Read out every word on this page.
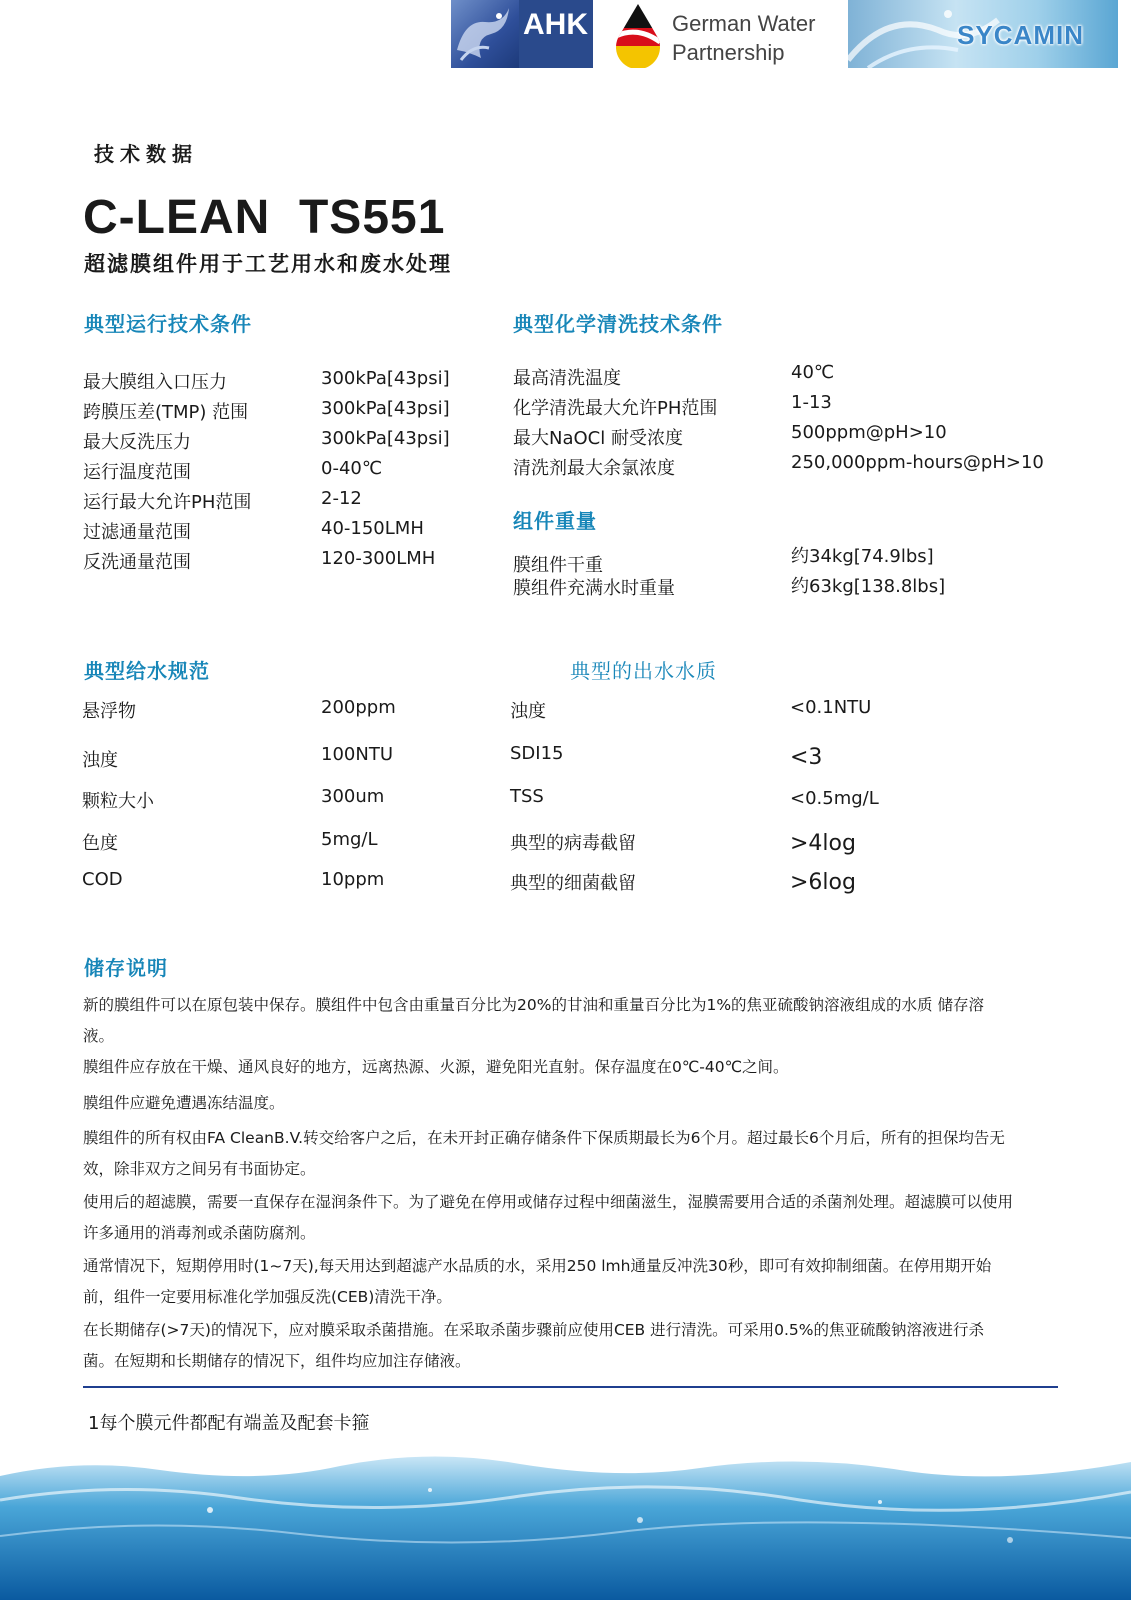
AHK	German Water
Partnership
SYCAMIN
技术数据
C-LEAN  TS551
超滤膜组件用于工艺用水和废水处理
典型运行技术条件
最大膜组入口压力	300kPa[43psi]
跨膜压差(TMP) 范围	300kPa[43psi]
最大反洗压力	300kPa[43psi]
运行温度范围	0-40℃
运行最大允许PH范围	2-12
过滤通量范围	40-150LMH
反洗通量范围	120-300LMH
典型化学清洗技术条件
最高清洗温度	40℃
化学清洗最大允许PH范围	1-13
最大NaOCl 耐受浓度	500ppm@pH>10
清洗剂最大余氯浓度	250,000ppm-hours@pH>10
组件重量
膜组件干重	约34kg[74.9lbs]
膜组件充满水时重量	约63kg[138.8lbs]
典型给水规范
悬浮物	200ppm
浊度	100NTU
颗粒大小	300um
色度	5mg/L
COD	10ppm
典型的出水水质
浊度	<0.1NTU
SDI15	<3
TSS	<0.5mg/L
典型的病毒截留	>4log
典型的细菌截留	>6log
储存说明

新的膜组件可以在原包装中保存。膜组件中包含由重量百分比为20%的甘油和重量百分比为1%的焦亚硫酸钠溶液组成的水质 储存溶液。

膜组件应存放在干燥、通风良好的地方，远离热源、火源，避免阳光直射。保存温度在0℃-40℃之间。

膜组件应避免遭遇冻结温度。

膜组件的所有权由FA CleanB.V.转交给客户之后，在未开封正确存储条件下保质期最长为6个月。超过最长6个月后，所有的担保均告无效，除非双方之间另有书面协定。

使用后的超滤膜，需要一直保存在湿润条件下。为了避免在停用或储存过程中细菌滋生，湿膜需要用合适的杀菌剂处理。超滤膜可以使用许多通用的消毒剂或杀菌防腐剂。

通常情况下，短期停用时(1~7天),每天用达到超滤产水品质的水，采用250 lmh通量反冲洗30秒，即可有效抑制细菌。在停用期开始前，组件一定要用标准化学加强反洗(CEB)清洗干净。

在长期储存(>7天)的情况下，应对膜采取杀菌措施。在采取杀菌步骤前应使用CEB 进行清洗。可采用0.5%的焦亚硫酸钠溶液进行杀菌。在短期和长期储存的情况下，组件均应加注存储液。

1每个膜元件都配有端盖及配套卡箍
